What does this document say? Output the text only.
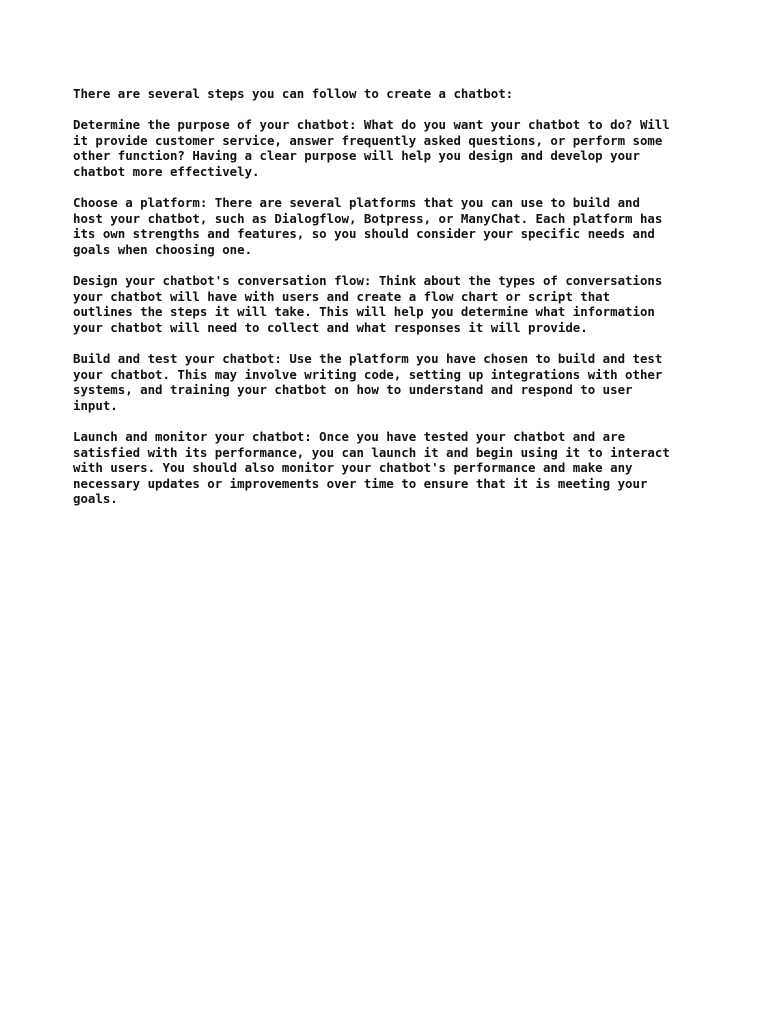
There are several steps you can follow to create a chatbot:

Determine the purpose of your chatbot: What do you want your chatbot to do? Will
it provide customer service, answer frequently asked questions, or perform some
other function? Having a clear purpose will help you design and develop your
chatbot more effectively.

Choose a platform: There are several platforms that you can use to build and
host your chatbot, such as Dialogflow, Botpress, or ManyChat. Each platform has
its own strengths and features, so you should consider your specific needs and
goals when choosing one.

Design your chatbot's conversation flow: Think about the types of conversations
your chatbot will have with users and create a flow chart or script that
outlines the steps it will take. This will help you determine what information
your chatbot will need to collect and what responses it will provide.

Build and test your chatbot: Use the platform you have chosen to build and test
your chatbot. This may involve writing code, setting up integrations with other
systems, and training your chatbot on how to understand and respond to user
input.

Launch and monitor your chatbot: Once you have tested your chatbot and are
satisfied with its performance, you can launch it and begin using it to interact
with users. You should also monitor your chatbot's performance and make any
necessary updates or improvements over time to ensure that it is meeting your
goals.
